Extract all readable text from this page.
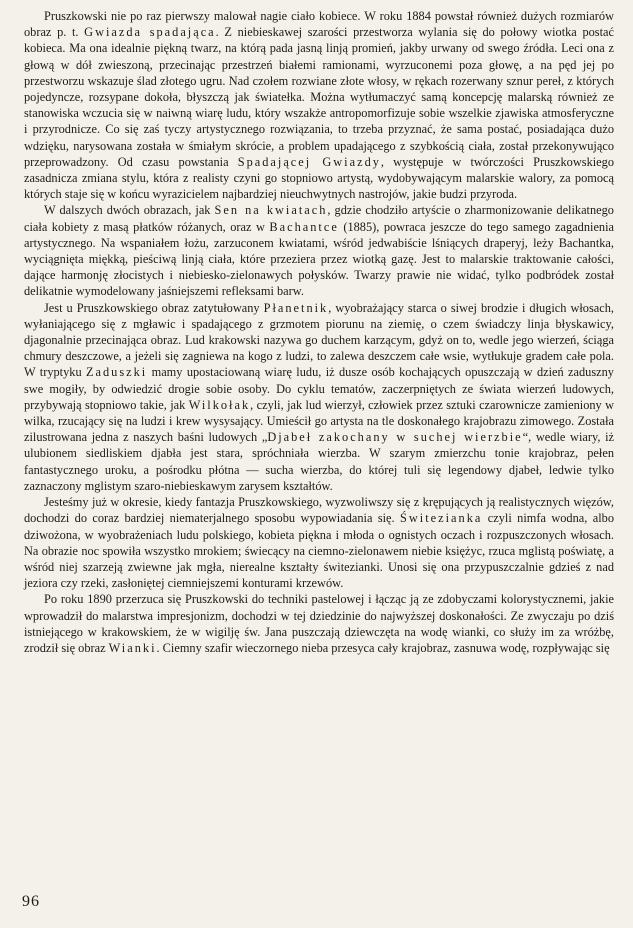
Pruszkowski nie po raz pierwszy malował nagie ciało kobiece. W roku 1884 powstał również dużych rozmiarów obraz p. t. Gwiazda spadająca. Z niebieskawej szarości przestworza wylania się do połowy wiotka postać kobieca. Ma ona idealnie piękną twarz, na którą pada jasną linją promień, jakby urwany od swego źródła. Leci ona z głową w dół zwieszoną, przecinając przestrzeń białemi ramionami, wyrzuconemi poza głowę, a na pęd jej po przestworzu wskazuje ślad złotego ugru. Nad czołem rozwiane złote włosy, w rękach rozerwany sznur pereł, z których pojedyncze, rozsypane dokoła, błyszczą jak światełka. Można wytłumaczyć samą koncepcję malarską również ze stanowiska wczucia się w naiwną wiarę ludu, który wszakże antropomorfizuje sobie wszelkie zjawiska atmosferyczne i przyrodnicze. Co się zaś tyczy artystycznego rozwiązania, to trzeba przyznać, że sama postać, posiadająca dużo wdzięku, narysowana została w śmiałym skrócie, a problem upadającego z szybkością ciała, został przekonywująco przeprowadzony. Od czasu powstania Spadającej Gwiazdy, występuje w twórczości Pruszkowskiego zasadnicza zmiana stylu, która z realisty czyni go stopniowo artystą, wydobywającym malarskie walory, za pomocą których staje się w końcu wyrazicielem najbardziej nieuchwytnych nastrojów, jakie budzi przyroda.

W dalszych dwóch obrazach, jak Sen na kwiatach, gdzie chodziło artyście o zharmonizowanie delikatnego ciała kobiety z masą płatków różanych, oraz w Bachantce (1885), powraca jeszcze do tego samego zagadnienia artystycznego. Na wspaniałem łożu, zarzuconem kwiatami, wśród jedwabiście lśniących draperyj, leży Bachantka, wyciągnięta miękką, pieściwą linją ciała, które przeziera przez wiotką gazę. Jest to malarskie traktowanie całości, dające harmonję złocistych i niebiesko-zielonawych połysków. Twarzy prawie nie widać, tylko podbródek został delikatnie wymodelowany jaśniejszemi refleksami barw.

Jest u Pruszkowskiego obraz zatytułowany Płanetnik, wyobrażający starca o siwej brodzie i długich włosach, wyłaniającego się z mgławic i spadającego z grzmotem piorunu na ziemię, o czem świadczy linja błyskawicy, djagonalnie przecinająca obraz. Lud krakowski nazywa go duchem karzącym, gdyż on to, wedle jego wierzeń, ściąga chmury deszczowe, a jeżeli się zagniewa na kogo z ludzi, to zalewa deszczem całe wsie, wytłukuje gradem całe pola. W tryptyku Zaduszki mamy upostaciowaną wiarę ludu, iż dusze osób kochających opuszczają w dzień zaduszny swe mogiły, by odwiedzić drogie sobie osoby. Do cyklu tematów, zaczerpniętych ze świata wierzeń ludowych, przybywają stopniowo takie, jak Wilkołak, czyli, jak lud wierzył, człowiek przez sztuki czarownicze zamieniony w wilka, rzucający się na ludzi i krew wysysający. Umieścił go artysta na tle doskonałego krajobrazu zimowego. Została zilustrowana jedna z naszych baśni ludowych „Djabeł zakochany w suchej wierzbie“, wedle wiary, iż ulubionem siedliskiem djabła jest stara, spróchniała wierzba. W szarym zmierzchu tonie krajobraz, pełen fantastycznego uroku, a pośrodku płótna — sucha wierzba, do której tuli się legendowy djabeł, ledwie tylko zaznaczony mglistym szaro-niebieskawym zarysem kształtów.

Jesteśmy już w okresie, kiedy fantazja Pruszkowskiego, wyzwoliwszy się z krępujących ją realistycznych więzów, dochodzi do coraz bardziej niematerjalnego sposobu wypowiadania się. Świtezianka czyli nimfa wodna, albo dziwożona, w wyobrażeniach ludu polskiego, kobieta piękna i młoda o ognistych oczach i rozpuszczonych włosach. Na obrazie noc spowiła wszystko mrokiem; świecący na ciemno-zielonawem niebie księżyc, rzuca mglistą poświatę, a wśród niej szarzeją zwiewne jak mgła, nierealne kształty świtezianki. Unosi się ona przypuszczalnie gdzieś z nad jeziora czy rzeki, zasłoniętej ciemniejszemi konturami krzewów.

Po roku 1890 przerzuca się Pruszkowski do techniki pastelowej i łącząc ją ze zdobyczami kolorystycznemi, jakie wprowadził do malarstwa impresjonizm, dochodzi w tej dziedzinie do najwyższej doskonałości. Ze zwyczaju po dziś istniejącego w krakowskiem, że w wigilję św. Jana puszczają dziewczęta na wodę wianki, co służy im za wróżbę, zrodził się obraz Wianki. Ciemny szafir wieczornego nieba przesyca cały krajobraz, zasnuwa wodę, rozpływając się

96
